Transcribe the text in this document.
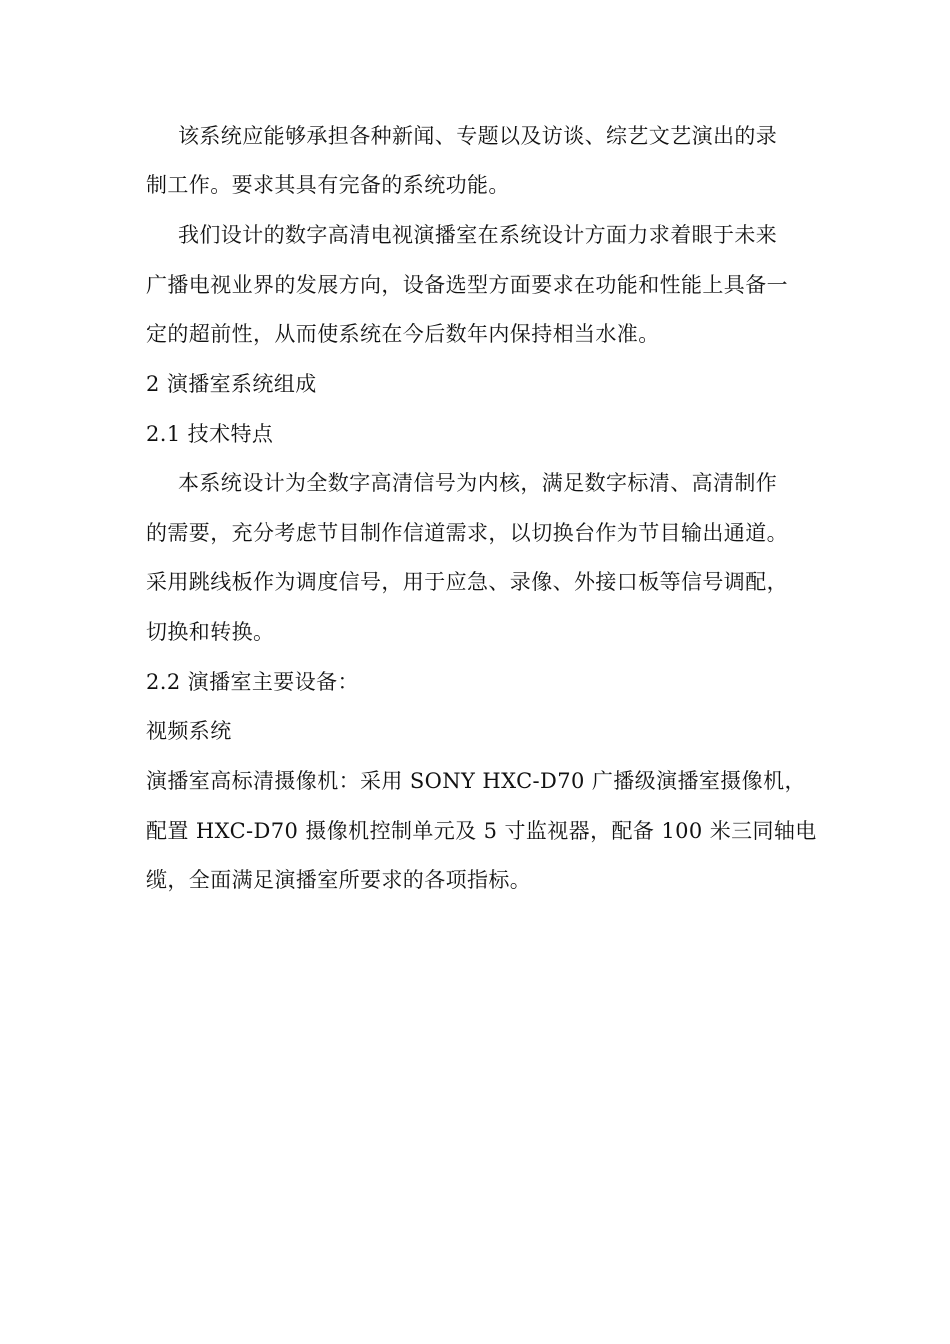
该系统应能够承担各种新闻、专题以及访谈、综艺文艺演出的录
制工作。要求其具有完备的系统功能。
我们设计的数字高清电视演播室在系统设计方面力求着眼于未来
广播电视业界的发展方向，设备选型方面要求在功能和性能上具备一
定的超前性，从而使系统在今后数年内保持相当水准。
2 演播室系统组成
2.1 技术特点
本系统设计为全数字高清信号为内核，满足数字标清、高清制作
的需要，充分考虑节目制作信道需求，以切换台作为节目输出通道。
采用跳线板作为调度信号，用于应急、录像、外接口板等信号调配，
切换和转换。
2.2 演播室主要设备：
视频系统
演播室高标清摄像机：采用 SONY HXC-D70 广播级演播室摄像机，
配置 HXC-D70 摄像机控制单元及 5 寸监视器，配备 100 米三同轴电
缆，全面满足演播室所要求的各项指标。
